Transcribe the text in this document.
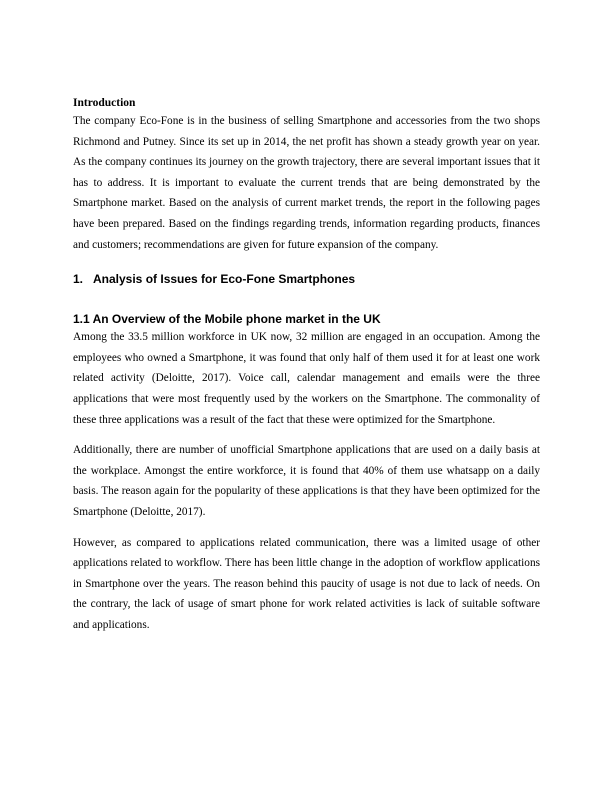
Introduction

The company Eco-Fone is in the business of selling Smartphone and accessories from the two shops Richmond and Putney. Since its set up in 2014, the net profit has shown a steady growth year on year. As the company continues its journey on the growth trajectory, there are several important issues that it has to address. It is important to evaluate the current trends that are being demonstrated by the Smartphone market. Based on the analysis of current market trends, the report in the following pages have been prepared. Based on the findings regarding trends, information regarding products, finances and customers; recommendations are given for future expansion of the company.

1. Analysis of Issues for Eco-Fone Smartphones
1.1 An Overview of the Mobile phone market in the UK

Among the 33.5 million workforce in UK now, 32 million are engaged in an occupation. Among the employees who owned a Smartphone, it was found that only half of them used it for at least one work related activity (Deloitte, 2017). Voice call, calendar management and emails were the three applications that were most frequently used by the workers on the Smartphone. The commonality of these three applications was a result of the fact that these were optimized for the Smartphone.

Additionally, there are number of unofficial Smartphone applications that are used on a daily basis at the workplace. Amongst the entire workforce, it is found that 40% of them use whatsapp on a daily basis. The reason again for the popularity of these applications is that they have been optimized for the Smartphone (Deloitte, 2017).

However, as compared to applications related communication, there was a limited usage of other applications related to workflow. There has been little change in the adoption of workflow applications in Smartphone over the years. The reason behind this paucity of usage is not due to lack of needs. On the contrary, the lack of usage of smart phone for work related activities is lack of suitable software and applications.
